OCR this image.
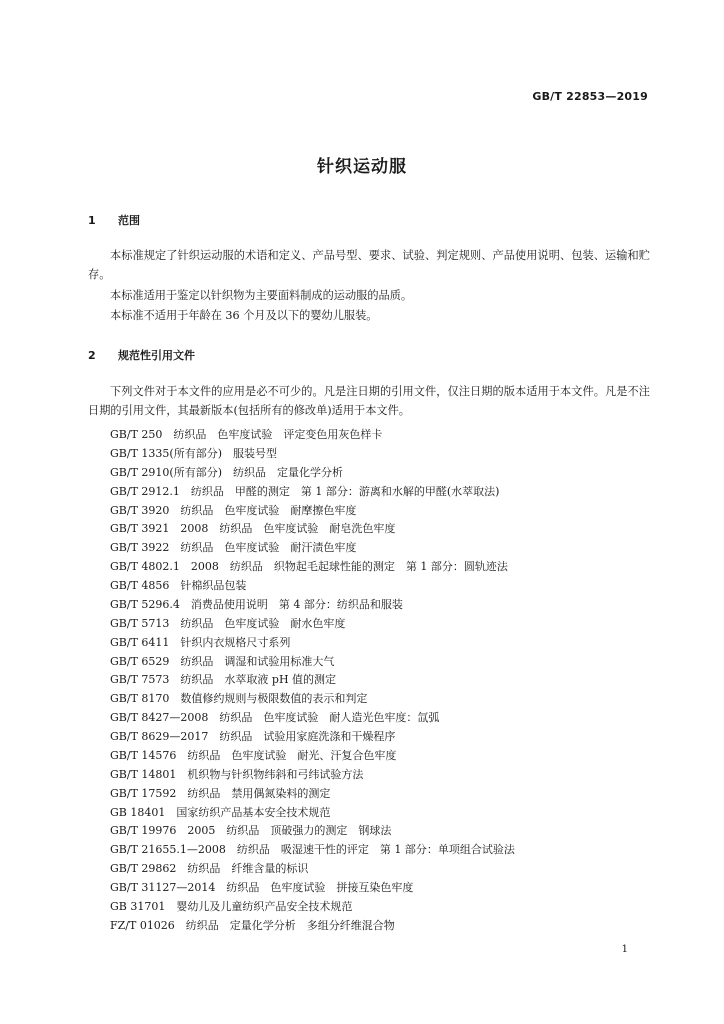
GB/T 22853—2019
针织运动服
1 范围
本标准规定了针织运动服的术语和定义、产品号型、要求、试验、判定规则、产品使用说明、包装、运输和贮存。
本标准适用于鉴定以针织物为主要面料制成的运动服的品质。
本标准不适用于年龄在 36 个月及以下的婴幼儿服装。
2 规范性引用文件
下列文件对于本文件的应用是必不可少的。凡是注日期的引用文件，仅注日期的版本适用于本文件。凡是不注日期的引用文件，其最新版本(包括所有的修改单)适用于本文件。
GB/T 250　纺织品　色牢度试验　评定变色用灰色样卡
GB/T 1335(所有部分)　服装号型
GB/T 2910(所有部分)　纺织品　定量化学分析
GB/T 2912.1　纺织品　甲醛的测定　第 1 部分：游离和水解的甲醛(水萃取法)
GB/T 3920　纺织品　色牢度试验　耐摩擦色牢度
GB/T 3921　2008　纺织品　色牢度试验　耐皂洗色牢度
GB/T 3922　纺织品　色牢度试验　耐汗渍色牢度
GB/T 4802.1　2008　纺织品　织物起毛起球性能的测定　第 1 部分：圆轨迹法
GB/T 4856　针棉织品包装
GB/T 5296.4　消费品使用说明　第 4 部分：纺织品和服装
GB/T 5713　纺织品　色牢度试验　耐水色牢度
GB/T 6411　针织内衣规格尺寸系列
GB/T 6529　纺织品　调湿和试验用标准大气
GB/T 7573　纺织品　水萃取液 pH 值的测定
GB/T 8170　数值修约规则与极限数值的表示和判定
GB/T 8427—2008　纺织品　色牢度试验　耐人造光色牢度：氙弧
GB/T 8629—2017　纺织品　试验用家庭洗涤和干燥程序
GB/T 14576　纺织品　色牢度试验　耐光、汗复合色牢度
GB/T 14801　机织物与针织物纬斜和弓纬试验方法
GB/T 17592　纺织品　禁用偶氮染料的测定
GB 18401　国家纺织产品基本安全技术规范
GB/T 19976　2005　纺织品　顶破强力的测定　钢球法
GB/T 21655.1—2008　纺织品　吸湿速干性的评定　第 1 部分：单项组合试验法
GB/T 29862　纺织品　纤维含量的标识
GB/T 31127—2014　纺织品　色牢度试验　拼接互染色牢度
GB 31701　婴幼儿及儿童纺织产品安全技术规范
FZ/T 01026　纺织品　定量化学分析　多组分纤维混合物
1
